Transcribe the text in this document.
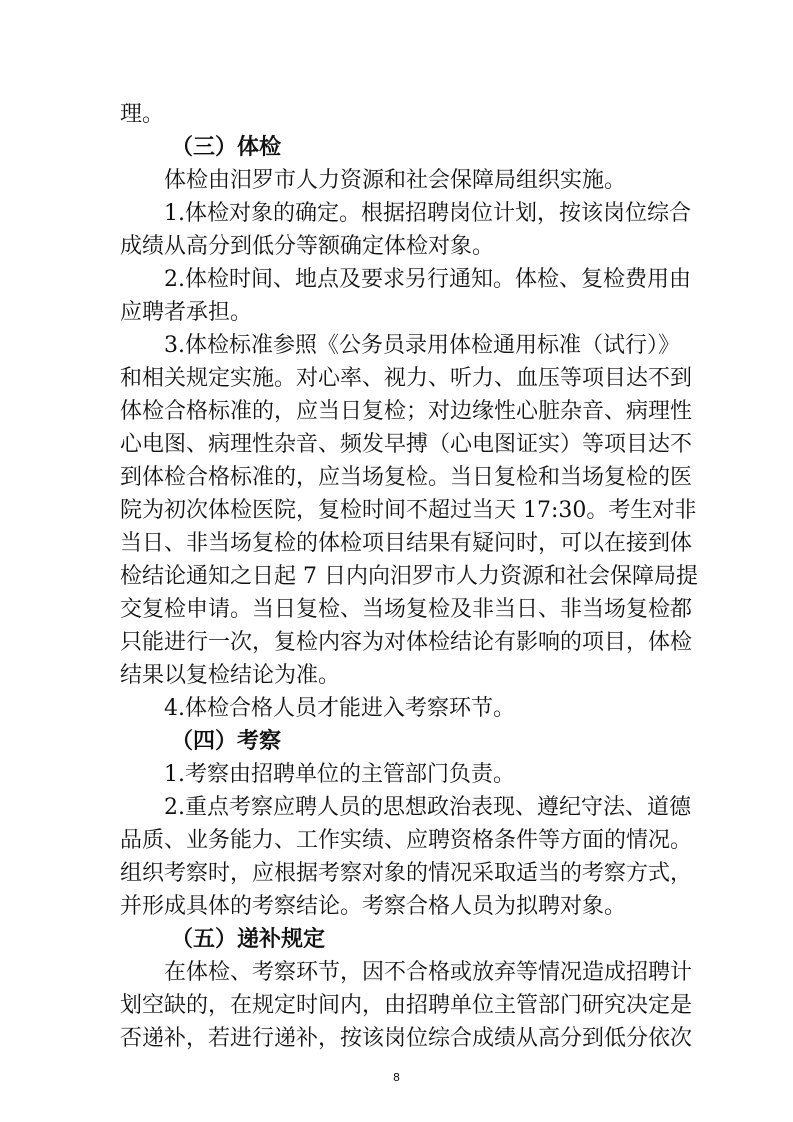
理。
（三）体检
体检由汨罗市人力资源和社会保障局组织实施。
1.体检对象的确定。根据招聘岗位计划，按该岗位综合
成绩从高分到低分等额确定体检对象。
2.体检时间、地点及要求另行通知。体检、复检费用由
应聘者承担。
3.体检标准参照《公务员录用体检通用标准（试行）》
和相关规定实施。对心率、视力、听力、血压等项目达不到
体检合格标准的，应当日复检；对边缘性心脏杂音、病理性
心电图、病理性杂音、频发早搏（心电图证实）等项目达不
到体检合格标准的，应当场复检。当日复检和当场复检的医
院为初次体检医院，复检时间不超过当天 17:30。考生对非
当日、非当场复检的体检项目结果有疑问时，可以在接到体
检结论通知之日起 7 日内向汨罗市人力资源和社会保障局提
交复检申请。当日复检、当场复检及非当日、非当场复检都
只能进行一次，复检内容为对体检结论有影响的项目，体检
结果以复检结论为准。
4.体检合格人员才能进入考察环节。
（四）考察
1.考察由招聘单位的主管部门负责。
2.重点考察应聘人员的思想政治表现、遵纪守法、道德
品质、业务能力、工作实绩、应聘资格条件等方面的情况。
组织考察时，应根据考察对象的情况采取适当的考察方式，
并形成具体的考察结论。考察合格人员为拟聘对象。
（五）递补规定
在体检、考察环节，因不合格或放弃等情况造成招聘计
划空缺的，在规定时间内，由招聘单位主管部门研究决定是
否递补，若进行递补，按该岗位综合成绩从高分到低分依次
8
